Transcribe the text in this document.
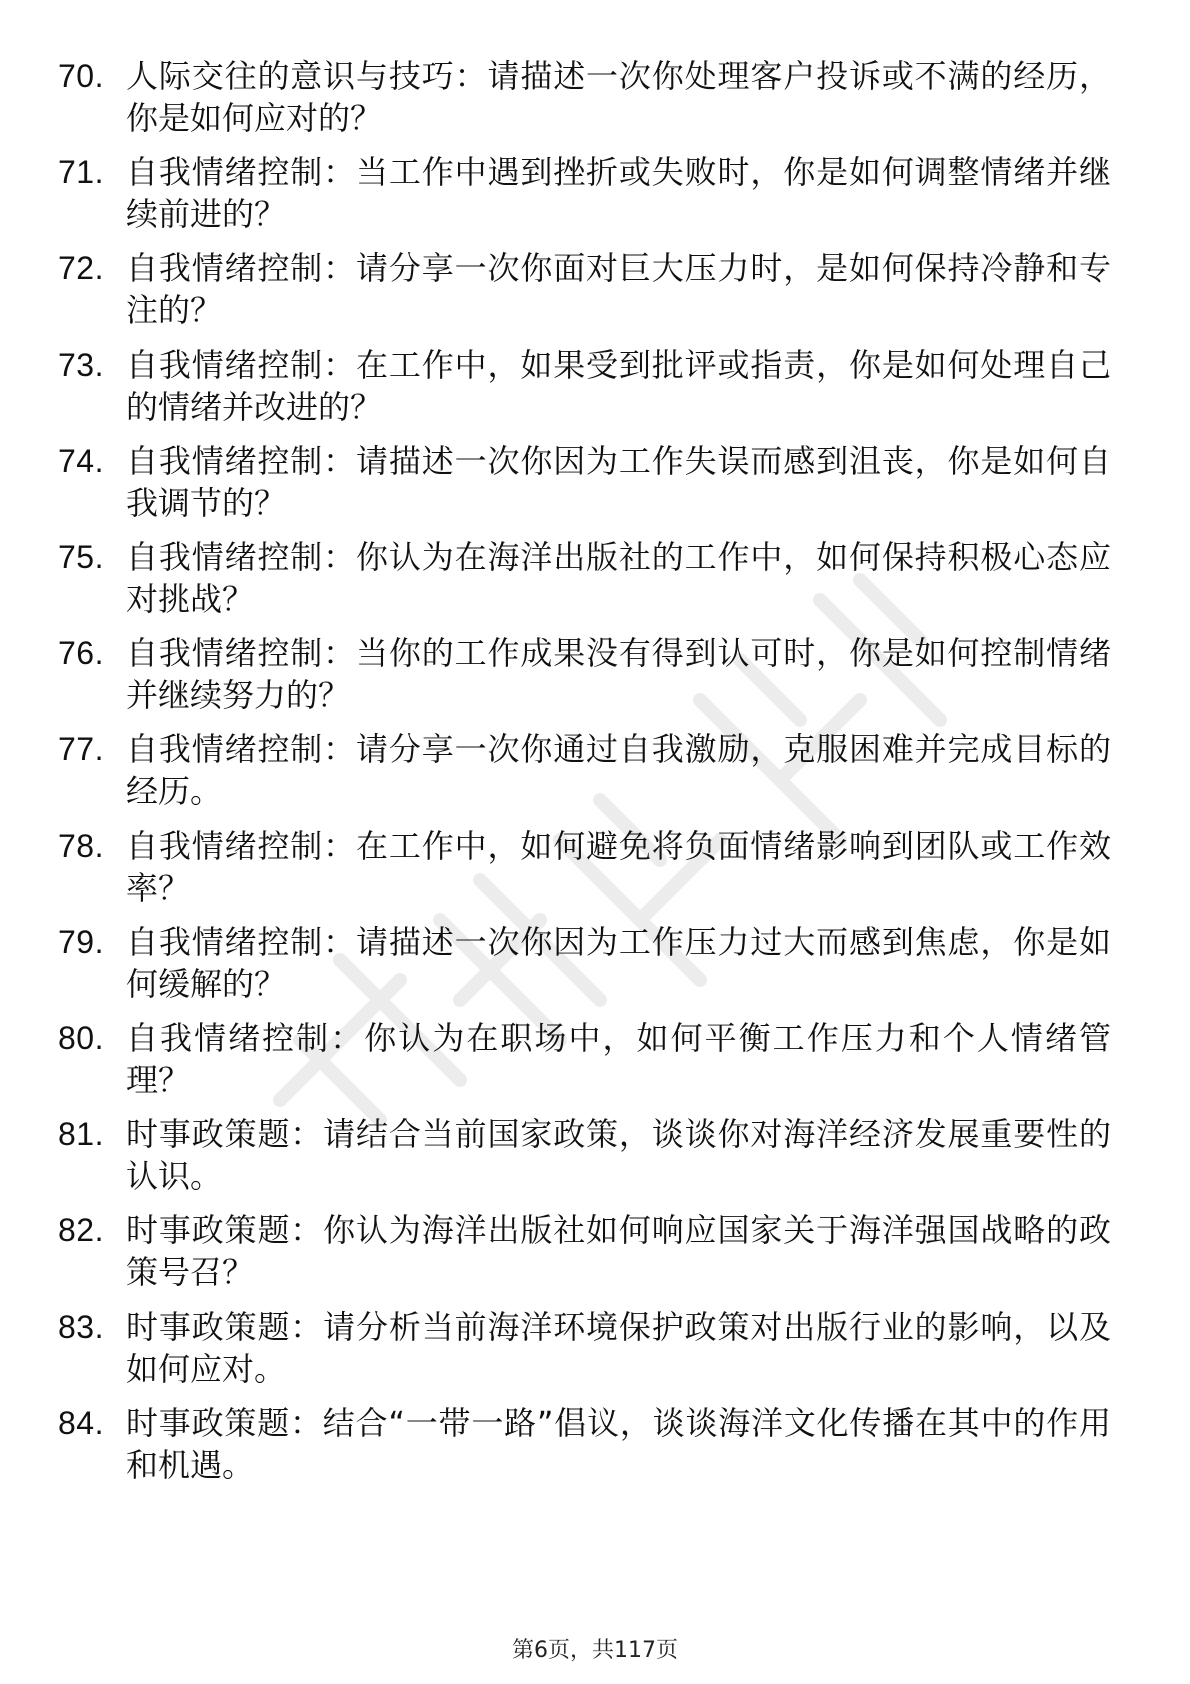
70. 人际交往的意识与技巧：请描述一次你处理客户投诉或不满的经历，你是如何应对的？
71. 自我情绪控制：当工作中遇到挫折或失败时，你是如何调整情绪并继续前进的？
72. 自我情绪控制：请分享一次你面对巨大压力时，是如何保持冷静和专注的？
73. 自我情绪控制：在工作中，如果受到批评或指责，你是如何处理自己的情绪并改进的？
74. 自我情绪控制：请描述一次你因为工作失误而感到沮丧，你是如何自我调节的？
75. 自我情绪控制：你认为在海洋出版社的工作中，如何保持积极心态应对挑战？
76. 自我情绪控制：当你的工作成果没有得到认可时，你是如何控制情绪并继续努力的？
77. 自我情绪控制：请分享一次你通过自我激励，克服困难并完成目标的经历。
78. 自我情绪控制：在工作中，如何避免将负面情绪影响到团队或工作效率？
79. 自我情绪控制：请描述一次你因为工作压力过大而感到焦虑，你是如何缓解的？
80. 自我情绪控制：你认为在职场中，如何平衡工作压力和个人情绪管理？
81. 时事政策题：请结合当前国家政策，谈谈你对海洋经济发展重要性的认识。
82. 时事政策题：你认为海洋出版社如何响应国家关于海洋强国战略的政策号召？
83. 时事政策题：请分析当前海洋环境保护政策对出版行业的影响，以及如何应对。
84. 时事政策题：结合“一带一路”倡议，谈谈海洋文化传播在其中的作用和机遇。
第6页，共117页
